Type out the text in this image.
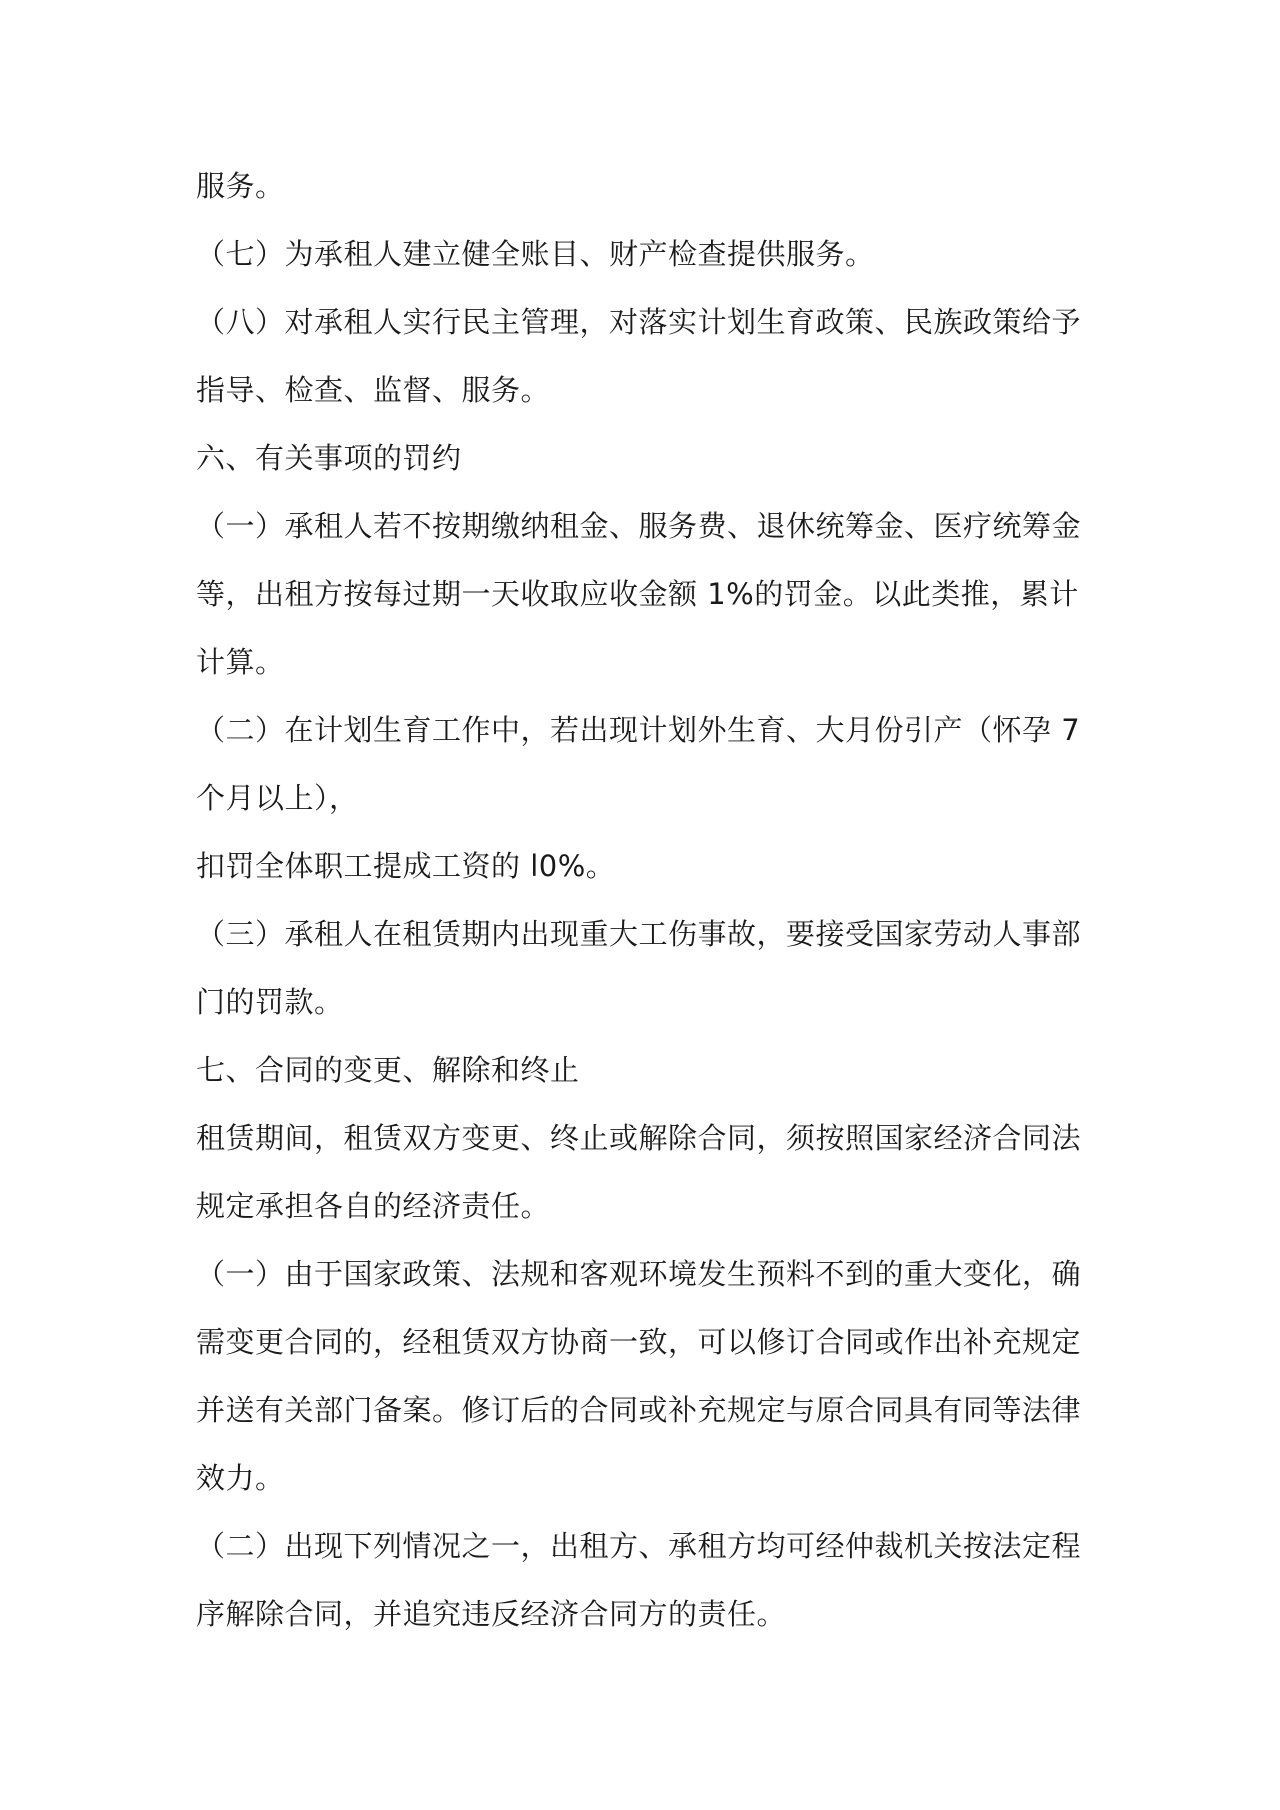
服务。
（七）为承租人建立健全账目、财产检查提供服务。
（八）对承租人实行民主管理，对落实计划生育政策、民族政策给予
指导、检查、监督、服务。
六、有关事项的罚约
（一）承租人若不按期缴纳租金、服务费、退休统筹金、医疗统筹金
等，出租方按每过期一天收取应收金额 1%的罚金。以此类推，累计
计算。
（二）在计划生育工作中，若出现计划外生育、大月份引产（怀孕 7
个月以上），
扣罚全体职工提成工资的 l0%。
（三）承租人在租赁期内出现重大工伤事故，要接受国家劳动人事部
门的罚款。
七、合同的变更、解除和终止
租赁期间，租赁双方变更、终止或解除合同，须按照国家经济合同法
规定承担各自的经济责任。
（一）由于国家政策、法规和客观环境发生预料不到的重大变化，确
需变更合同的，经租赁双方协商一致，可以修订合同或作出补充规定
并送有关部门备案。修订后的合同或补充规定与原合同具有同等法律
效力。
（二）出现下列情况之一，出租方、承租方均可经仲裁机关按法定程
序解除合同，并追究违反经济合同方的责任。
